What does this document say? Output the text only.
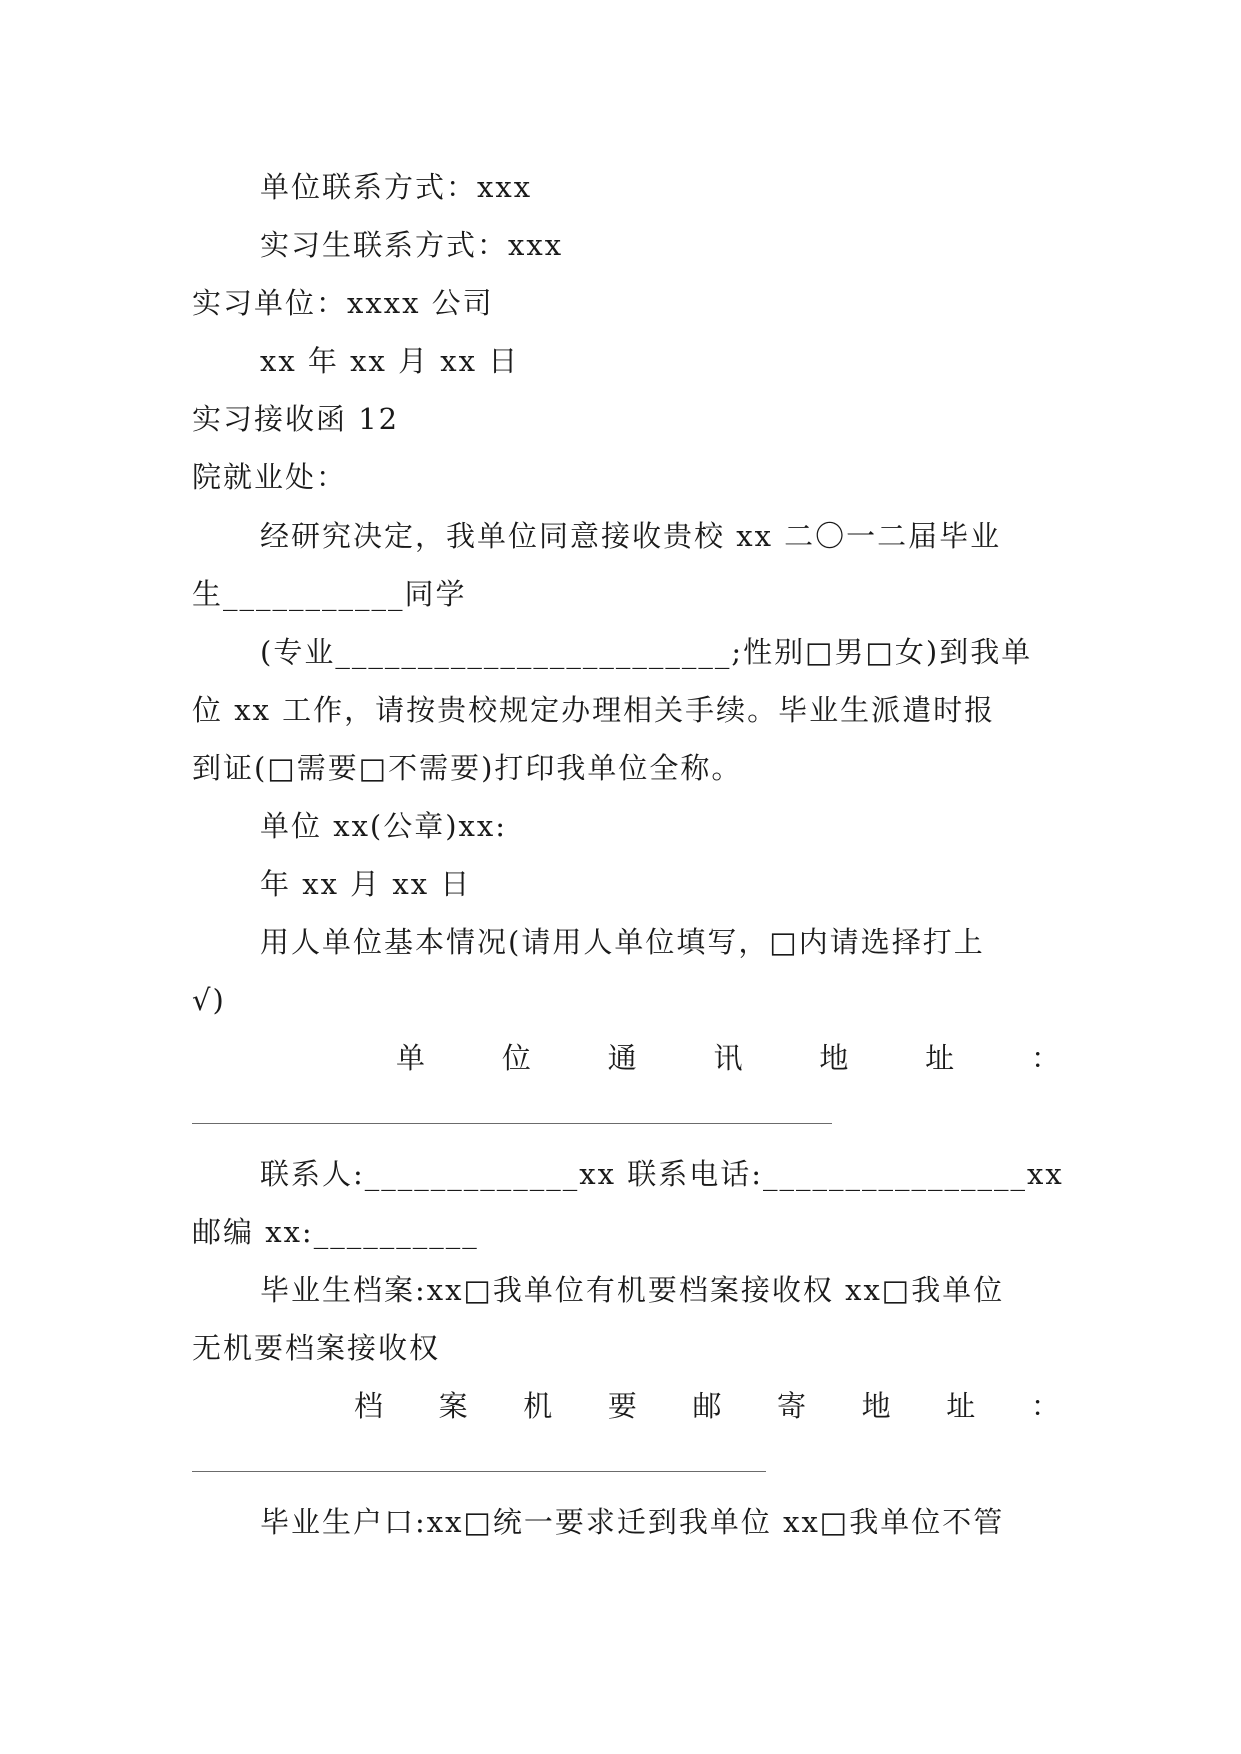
单位联系方式：xxx
实习生联系方式：xxx
实习单位：xxxx 公司
xx 年 xx 月 xx 日
实习接收函 12
院就业处：
经研究决定，我单位同意接收贵校 xx 二〇一二届毕业
生___________同学
(专业________________________;性别□男□女)到我单
位 xx 工作，请按贵校规定办理相关手续。毕业生派遣时报
到证(□需要□不需要)打印我单位全称。
单位 xx(公章)xx:
年 xx 月 xx 日
用人单位基本情况(请用人单位填写，□内请选择打上
√)
单	位	通	讯	地	址	：
联系人:_____________xx 联系电话:________________xx
邮编 xx:__________
毕业生档案:xx□我单位有机要档案接收权 xx□我单位
无机要档案接收权
档 案 机 要 邮 寄 地 址 ：
毕业生户口:xx□统一要求迁到我单位 xx□我单位不管
